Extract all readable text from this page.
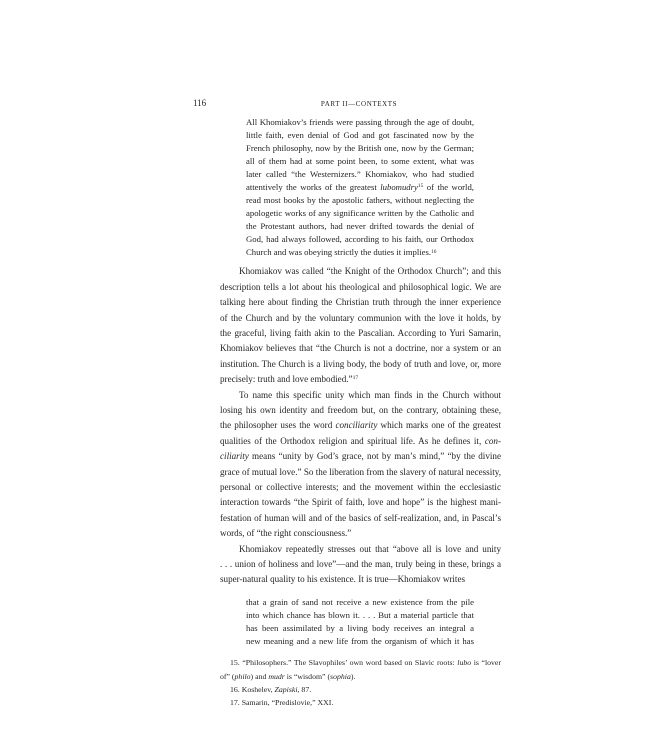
116	PART II—CONTEXTS
All Khomiakov’s friends were passing through the age of doubt,
little faith, even denial of God and got fascinated now by the
French philosophy, now by the British one, now by the German;
all of them had at some point been, to some extent, what was
later called “the Westernizers.” Khomiakov, who had studied
attentively the works of the greatest lubomudry$^{15}$ of the world,
read most books by the apostolic fathers, without neglecting the
apologetic works of any significance written by the Catholic and
the Protestant authors, had never drifted towards the denial of
God, had always followed, according to his faith, our Orthodox
Church and was obeying strictly the duties it implies.$^{16}$
Khomiakov was called “the Knight of the Orthodox Church”; and this
description tells a lot about his theological and philosophical logic. We are
talking here about finding the Christian truth through the inner experience
of the Church and by the voluntary communion with the love it holds, by
the graceful, living faith akin to the Pascalian. According to Yuri Samarin,
Khomiakov believes that “the Church is not a doctrine, nor a system or an
institution. The Church is a living body, the body of truth and love, or, more
precisely: truth and love embodied.”$^{17}$
To name this specific unity which man finds in the Church without
losing his own identity and freedom but, on the contrary, obtaining these,
the philosopher uses the word conciliarity which marks one of the greatest
qualities of the Orthodox religion and spiritual life. As he defines it, con-
ciliarity means “unity by God’s grace, not by man’s mind,” “by the divine
grace of mutual love.” So the liberation from the slavery of natural necessity,
personal or collective interests; and the movement within the ecclesiastic
interaction towards “the Spirit of faith, love and hope” is the highest mani-
festation of human will and of the basics of self-realization, and, in Pascal’s
words, of “the right consciousness.”
Khomiakov repeatedly stresses out that “above all is love and unity
. . . union of holiness and love”—and the man, truly being in these, brings a
super-natural quality to his existence. It is true—Khomiakov writes
that a grain of sand not receive a new existence from the pile
into which chance has blown it. . . . But a material particle that
has been assimilated by a living body receives an integral a
new meaning and a new life from the organism of which it has
15. “Philosophers.” The Slavophiles’ own word based on Slavic roots: lubo is “lover
of” (philo) and mudr is “wisdom” (sophia).
16. Koshelev, Zapiski, 87.
17. Samarin, “Predislovie,” XXI.
